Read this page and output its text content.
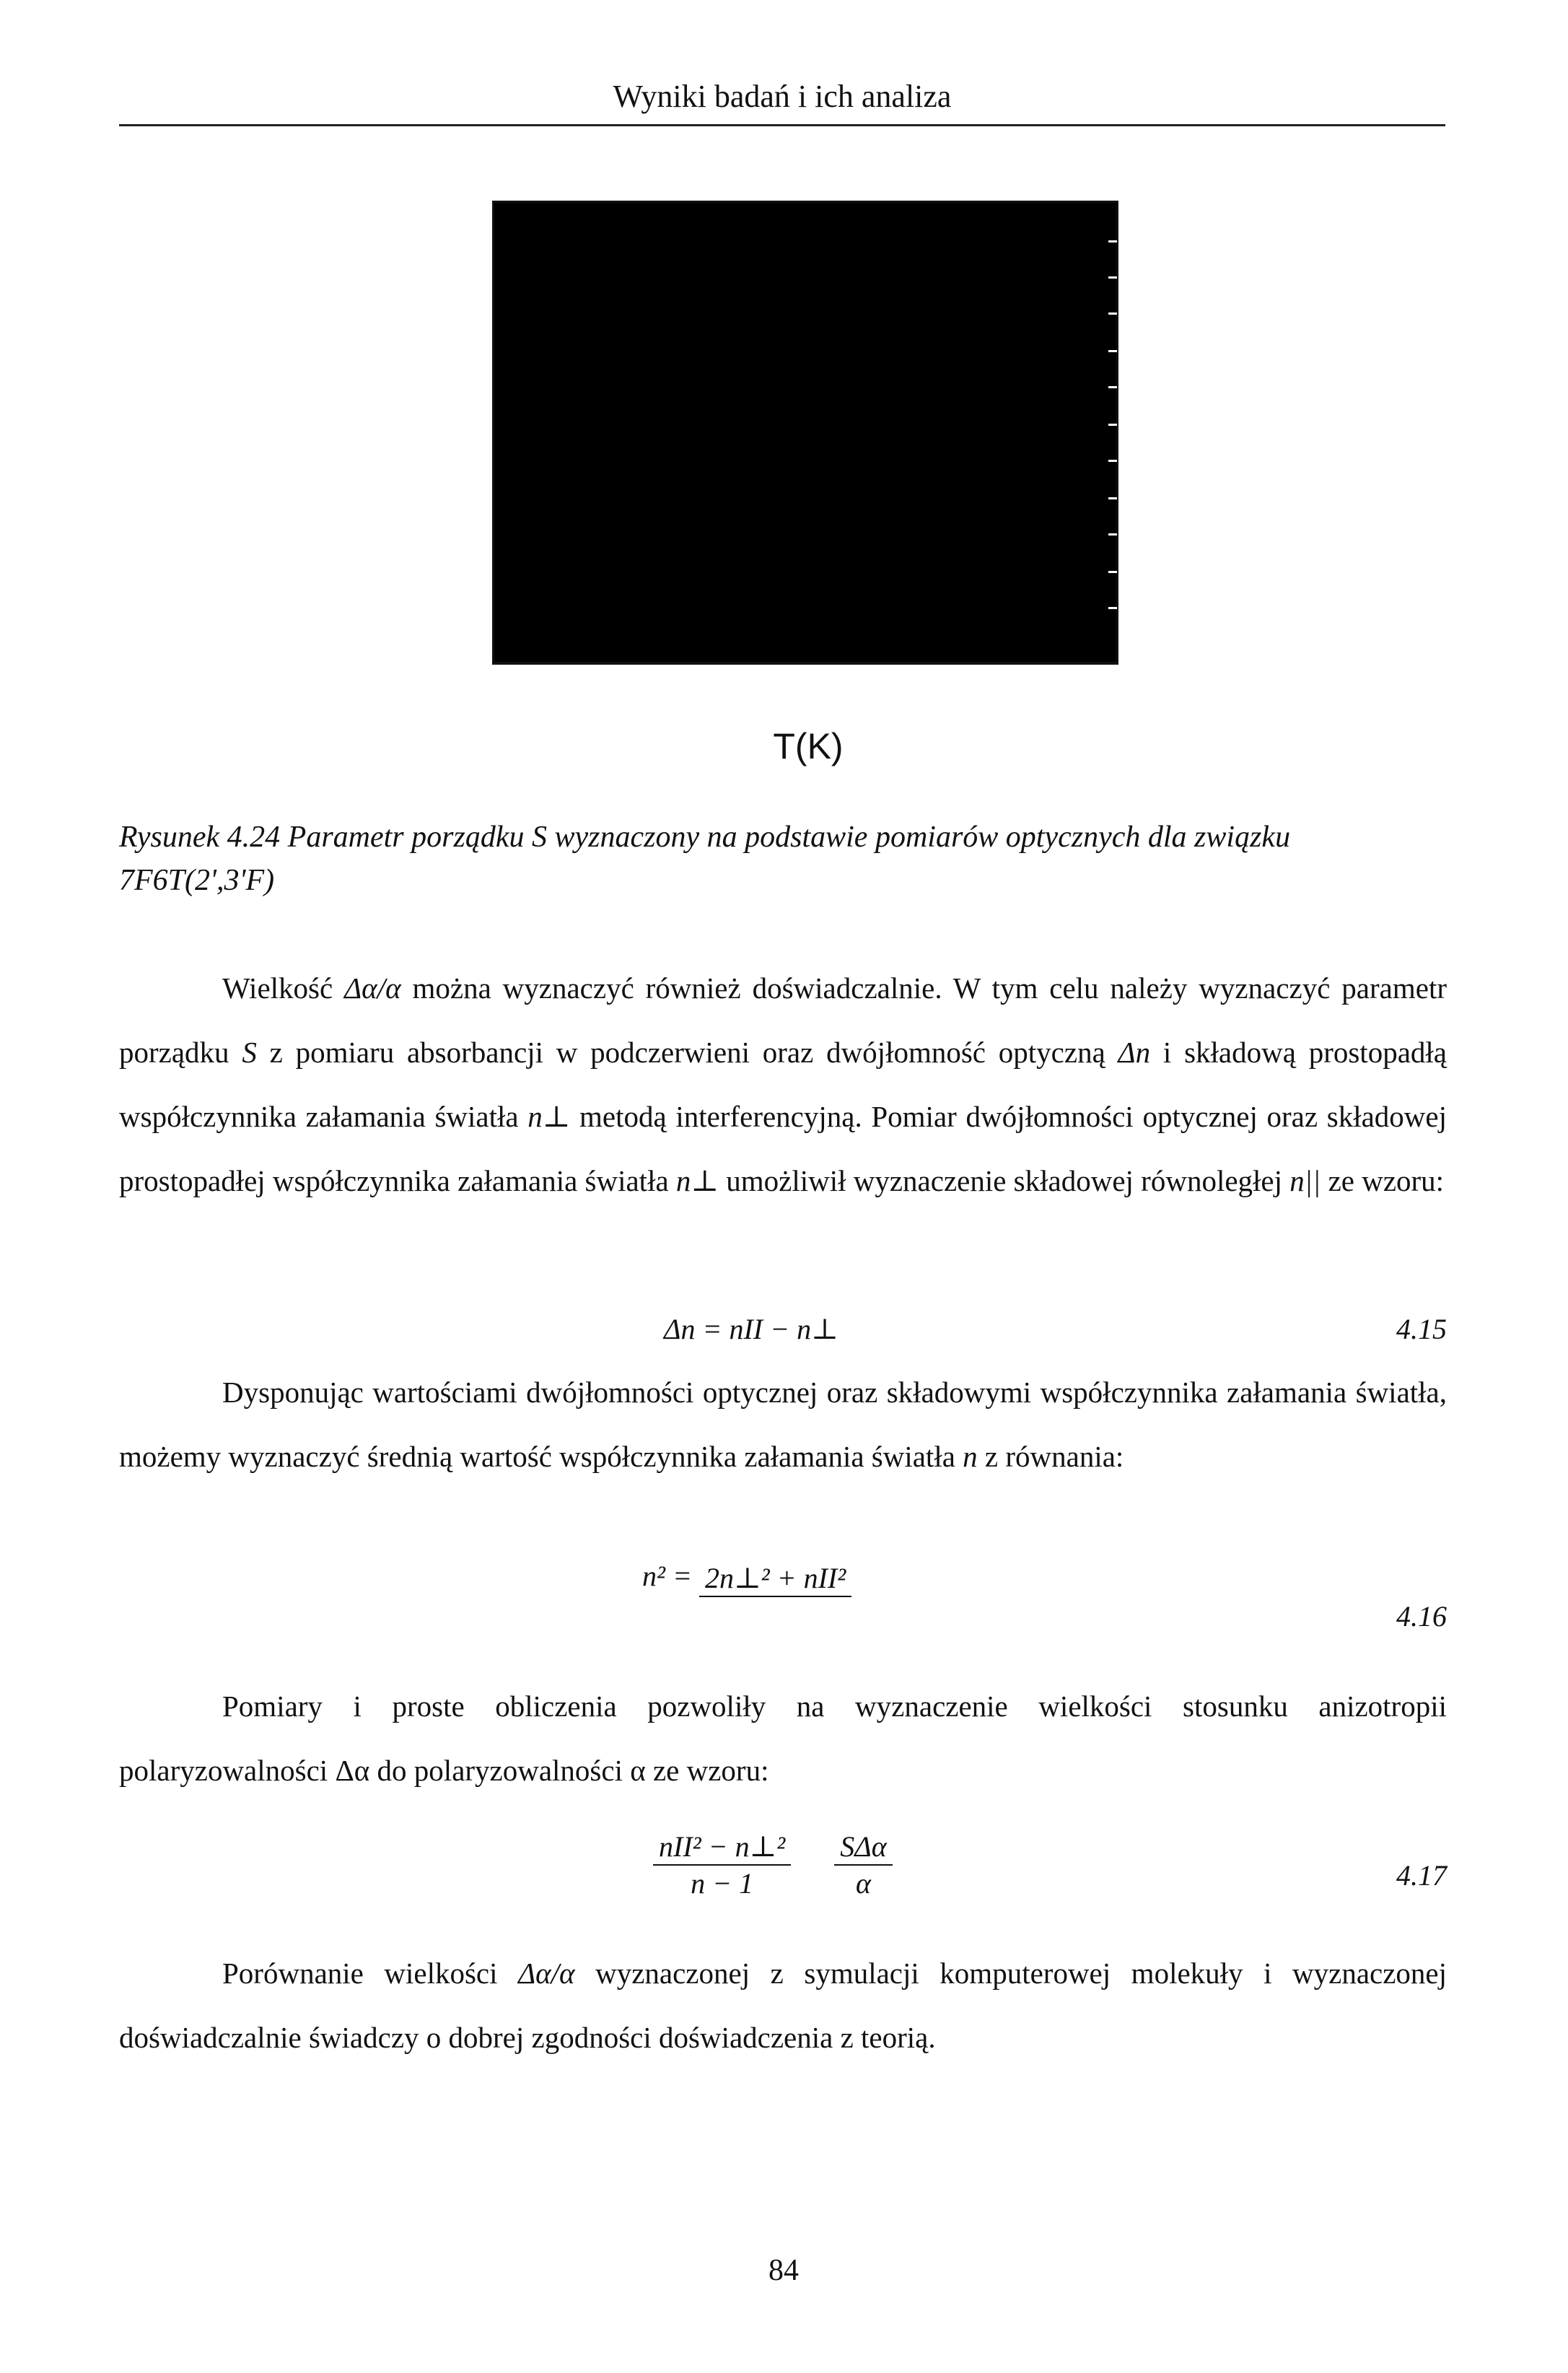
Wyniki badań i ich analiza
T(K)
Rysunek 4.24 Parametr porządku S wyznaczony na podstawie pomiarów optycznych dla związku 7F6T(2',3'F)
Wielkość Δα/α można wyznaczyć również doświadczalnie. W tym celu należy wyznaczyć parametr porządku S z pomiaru absorbancji w podczerwieni oraz dwójłomność optyczną Δn i składową prostopadłą współczynnika załamania światła n⊥ metodą interferencyjną. Pomiar dwójłomności optycznej oraz składowej prostopadłej współczynnika załamania światła n⊥ umożliwił wyznaczenie składowej równoległej n|| ze wzoru:
Δn = nII − n⊥	4.15
Dysponując wartościami dwójłomności optycznej oraz składowymi współczynnika załamania światła, możemy wyznaczyć średnią wartość współczynnika załamania światła n z równania:
n² = 2n⊥² + nII²
4.16
Pomiary i proste obliczenia pozwoliły na wyznaczenie wielkości stosunku anizotropii polaryzowalności Δα do polaryzowalności α ze wzoru:
$\frac{\text{nII² − n⊥²}}{n - 1}$
$\frac{\text{SΔα}}{\alpha}$	4.17
Porównanie wielkości Δα/α wyznaczonej z symulacji komputerowej molekuły i wyznaczonej doświadczalnie świadczy o dobrej zgodności doświadczenia z teorią.
84
